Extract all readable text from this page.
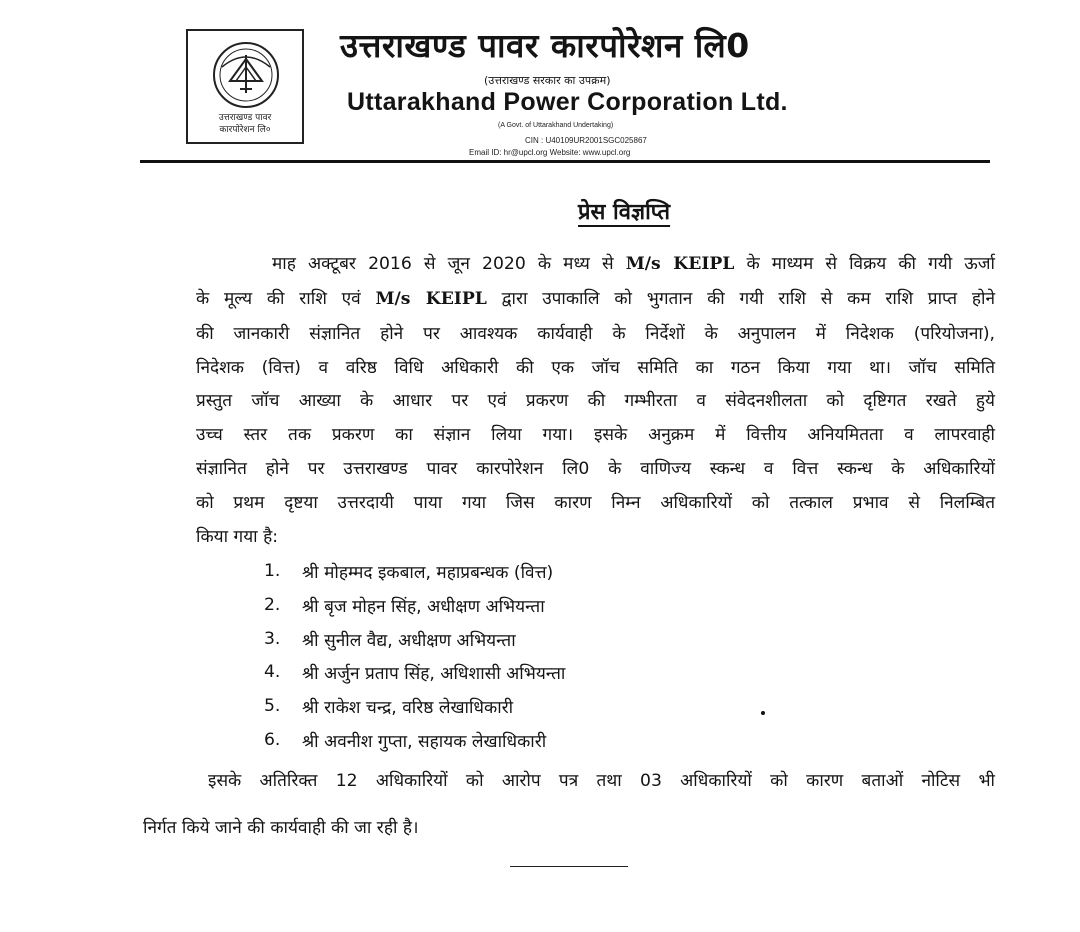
उत्तराखण्ड पावर
कारपोरेशन लि०
उत्तराखण्ड पावर कारपोरेशन लि0
(उत्तराखण्ड सरकार का उपक्रम)
Uttarakhand Power Corporation Ltd.
(A Govt. of Uttarakhand Undertaking)
CIN : U40109UR2001SGC025867
Email ID: hr@upcl.org Website: www.upcl.org
प्रेस विज्ञप्ति
माह अक्टूबर 2016 से जून 2020 के मध्य से M/s KEIPL के माध्यम से विक्रय की गयी ऊर्जा
के मूल्य की राशि एवं M/s KEIPL द्वारा उपाकालि को भुगतान की गयी राशि से कम राशि प्राप्त होने
की जानकारी संज्ञानित होने पर आवश्यक कार्यवाही के निर्देशों के अनुपालन में निदेशक (परियोजना),
निदेशक (वित्त) व वरिष्ठ विधि अधिकारी की एक जॉच समिति का गठन किया गया था। जॉच समिति
प्रस्तुत जॉच आख्या के आधार पर एवं प्रकरण की गम्भीरता व संवेदनशीलता को दृष्टिगत रखते हुये
उच्च स्तर तक प्रकरण का संज्ञान लिया गया। इसके अनुक्रम में वित्तीय अनियमितता व लापरवाही
संज्ञानित होने पर उत्तराखण्ड पावर कारपोरेशन लि0 के वाणिज्य स्कन्ध व वित्त स्कन्ध के अधिकारियों
को प्रथम दृष्टया उत्तरदायी पाया गया जिस कारण निम्न अधिकारियों को तत्काल प्रभाव से निलम्बित
किया गया है:
1. श्री मोहम्मद इकबाल, महाप्रबन्धक (वित्त)
2. श्री बृज मोहन सिंह, अधीक्षण अभियन्ता
3. श्री सुनील वैद्य, अधीक्षण अभियन्ता
4. श्री अर्जुन प्रताप सिंह, अधिशासी अभियन्ता
5. श्री राकेश चन्द्र, वरिष्ठ लेखाधिकारी
6. श्री अवनीश गुप्ता, सहायक लेखाधिकारी
इसके अतिरिक्त 12 अधिकारियों को आरोप पत्र तथा 03 अधिकारियों को कारण बताओं नोटिस भी
निर्गत किये जाने की कार्यवाही की जा रही है।
